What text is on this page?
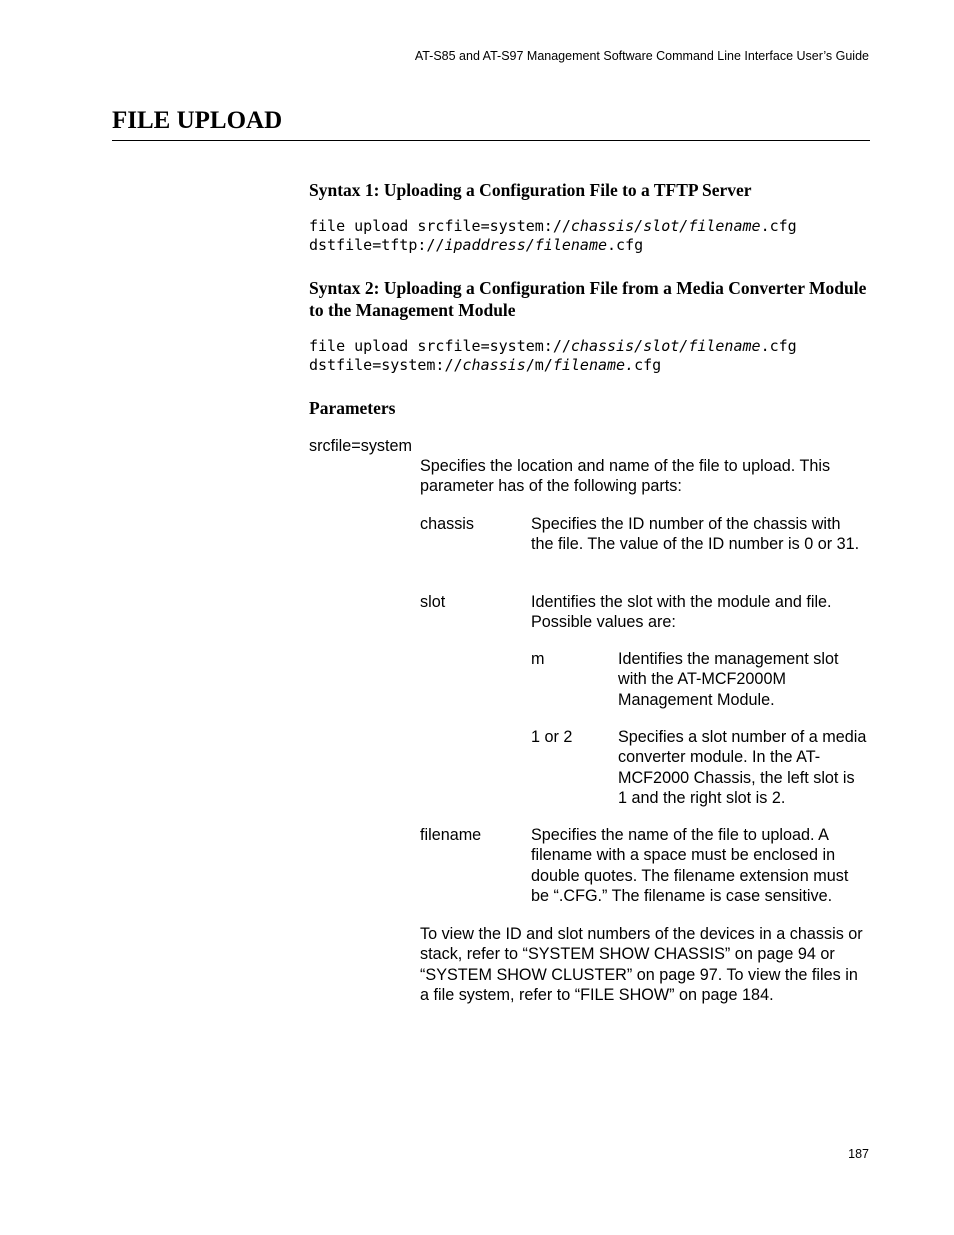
AT-S85 and AT-S97 Management Software Command Line Interface User’s Guide
FILE UPLOAD
Syntax 1: Uploading a Configuration File to a TFTP Server
file upload srcfile=system://chassis/slot/filename.cfg
dstfile=tftp://ipaddress/filename.cfg
Syntax 2: Uploading a Configuration File from a Media Converter Module to the Management Module
file upload srcfile=system://chassis/slot/filename.cfg
dstfile=system://chassis/m/filename.cfg
Parameters
srcfile=system
Specifies the location and name of the file to upload. This parameter has of the following parts:
chassis	Specifies the ID number of the chassis with the file. The value of the ID number is 0 or 31.
slot	Identifies the slot with the module and file. Possible values are:
m	Identifies the management slot with the AT-MCF2000M Management Module.
1 or 2	Specifies a slot number of a media converter module. In the AT-MCF2000 Chassis, the left slot is 1 and the right slot is 2.
filename	Specifies the name of the file to upload. A filename with a space must be enclosed in double quotes. The filename extension must be “.CFG.” The filename is case sensitive.
To view the ID and slot numbers of the devices in a chassis or stack, refer to “SYSTEM SHOW CHASSIS” on page 94 or “SYSTEM SHOW CLUSTER” on page 97. To view the files in a file system, refer to “FILE SHOW” on page 184.
187
